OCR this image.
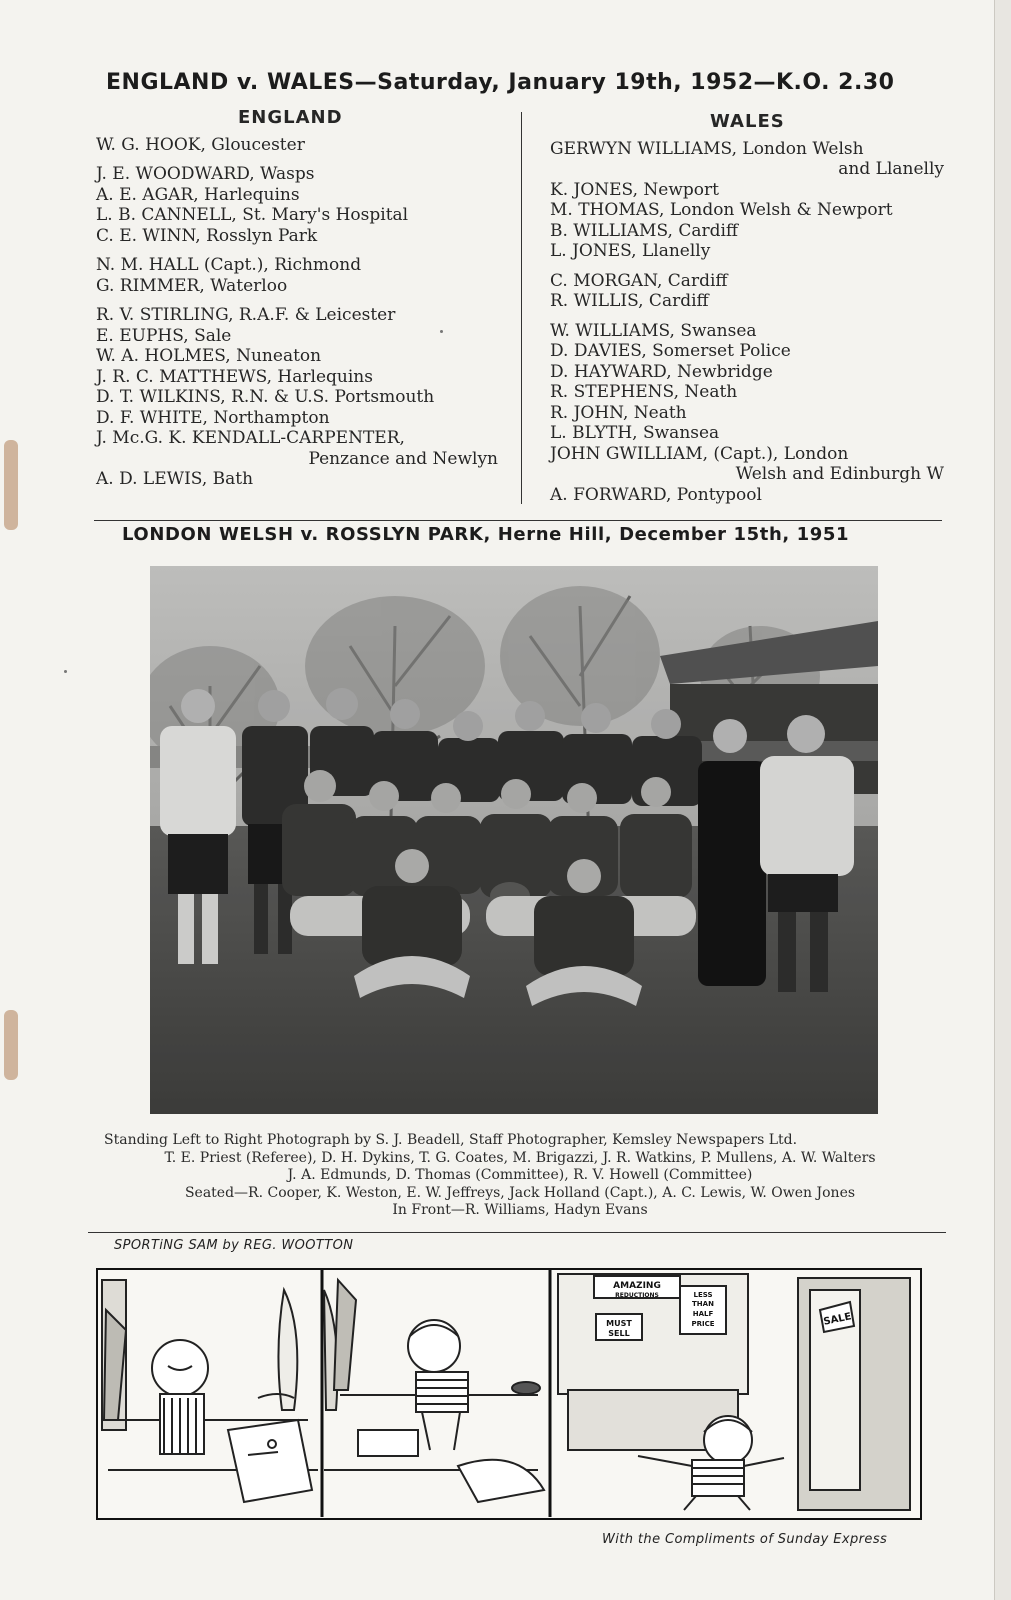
ENGLAND v. WALES—Saturday, January 19th, 1952—K.O. 2.30
ENGLAND
W. G. HOOK, Gloucester
J. E. WOODWARD, Wasps
A. E. AGAR, Harlequins
L. B. CANNELL, St. Mary's Hospital
C. E. WINN, Rosslyn Park
N. M. HALL (Capt.), Richmond
G. RIMMER, Waterloo
R. V. STIRLING, R.A.F. & Leicester
E. EUPHS, Sale
W. A. HOLMES, Nuneaton
J. R. C. MATTHEWS, Harlequins
D. T. WILKINS, R.N. & U.S. Portsmouth
D. F. WHITE, Northampton
J. Mc.G. K. KENDALL-CARPENTER,
Penzance and Newlyn
A. D. LEWIS, Bath
WALES
GERWYN WILLIAMS, London Welsh
and Llanelly
K. JONES, Newport
M. THOMAS, London Welsh & Newport
B. WILLIAMS, Cardiff
L. JONES, Llanelly
C. MORGAN, Cardiff
R. WILLIS, Cardiff
W. WILLIAMS, Swansea
D. DAVIES, Somerset Police
D. HAYWARD, Newbridge
R. STEPHENS, Neath
R. JOHN, Neath
L. BLYTH, Swansea
JOHN GWILLIAM, (Capt.), London
Welsh and Edinburgh W
A. FORWARD, Pontypool
LONDON WELSH v. ROSSLYN PARK, Herne Hill, December 15th, 1951
Standing Left to Right Photograph by S. J. Beadell, Staff Photographer, Kemsley Newspapers Ltd.
T. E. Priest (Referee), D. H. Dykins, T. G. Coates, M. Brigazzi, J. R. Watkins, P. Mullens, A. W. Walters
J. A. Edmunds, D. Thomas (Committee), R. V. Howell (Committee)
Seated—R. Cooper, K. Weston, E. W. Jeffreys, Jack Holland (Capt.), A. C. Lewis, W. Owen Jones
In Front—R. Williams, Hadyn Evans
SPORTiNG SAM by REG. WOOTTON
AMAZING
REDUCTIONS
MUST
SELL
LESS
THAN
HALF
PRICE	SALE
With the Compliments of Sunday Express
